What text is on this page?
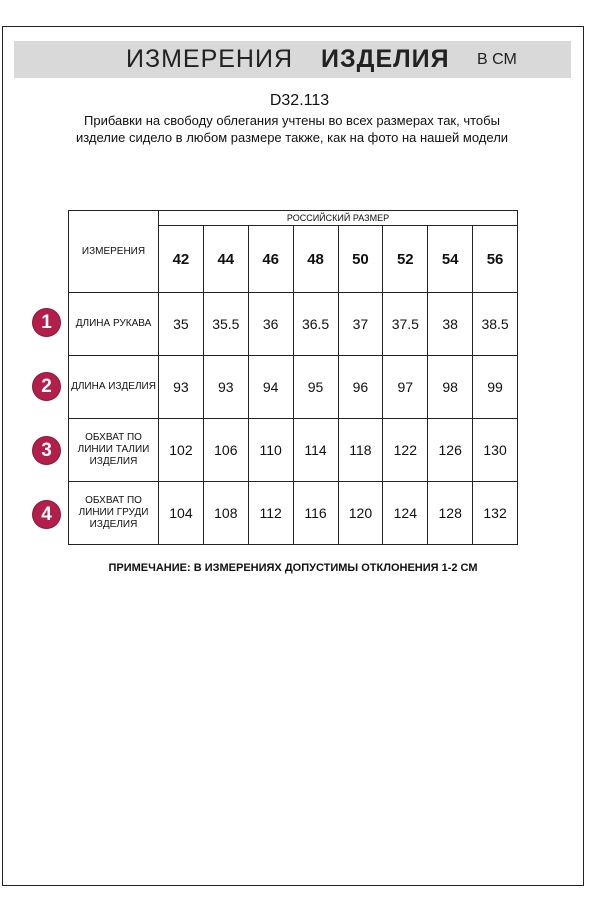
ИЗМЕРЕНИЯ ИЗДЕЛИЯ В СМ
D32.113
Прибавки на свободу облегания учтены во всех размерах так, чтобы изделие сидело в любом размере также, как на фото на нашей модели
ИЗМЕРЕНИЯ	РОССИЙСКИЙ РАЗМЕР							
	42	44	46	48	50	52	54	56
ДЛИНА РУКАВА	35	35.5	36	36.5	37	37.5	38	38.5
ДЛИНА ИЗДЕЛИЯ	93	93	94	95	96	97	98	99
ОБХВАТ ПО ЛИНИИ ТАЛИИ ИЗДЕЛИЯ	102	106	110	114	118	122	126	130
ОБХВАТ ПО ЛИНИИ ГРУДИ ИЗДЕЛИЯ	104	108	112	116	120	124	128	132
1
2
3
4
ПРИМЕЧАНИЕ: В ИЗМЕРЕНИЯХ ДОПУСТИМЫ ОТКЛОНЕНИЯ 1-2 СМ
